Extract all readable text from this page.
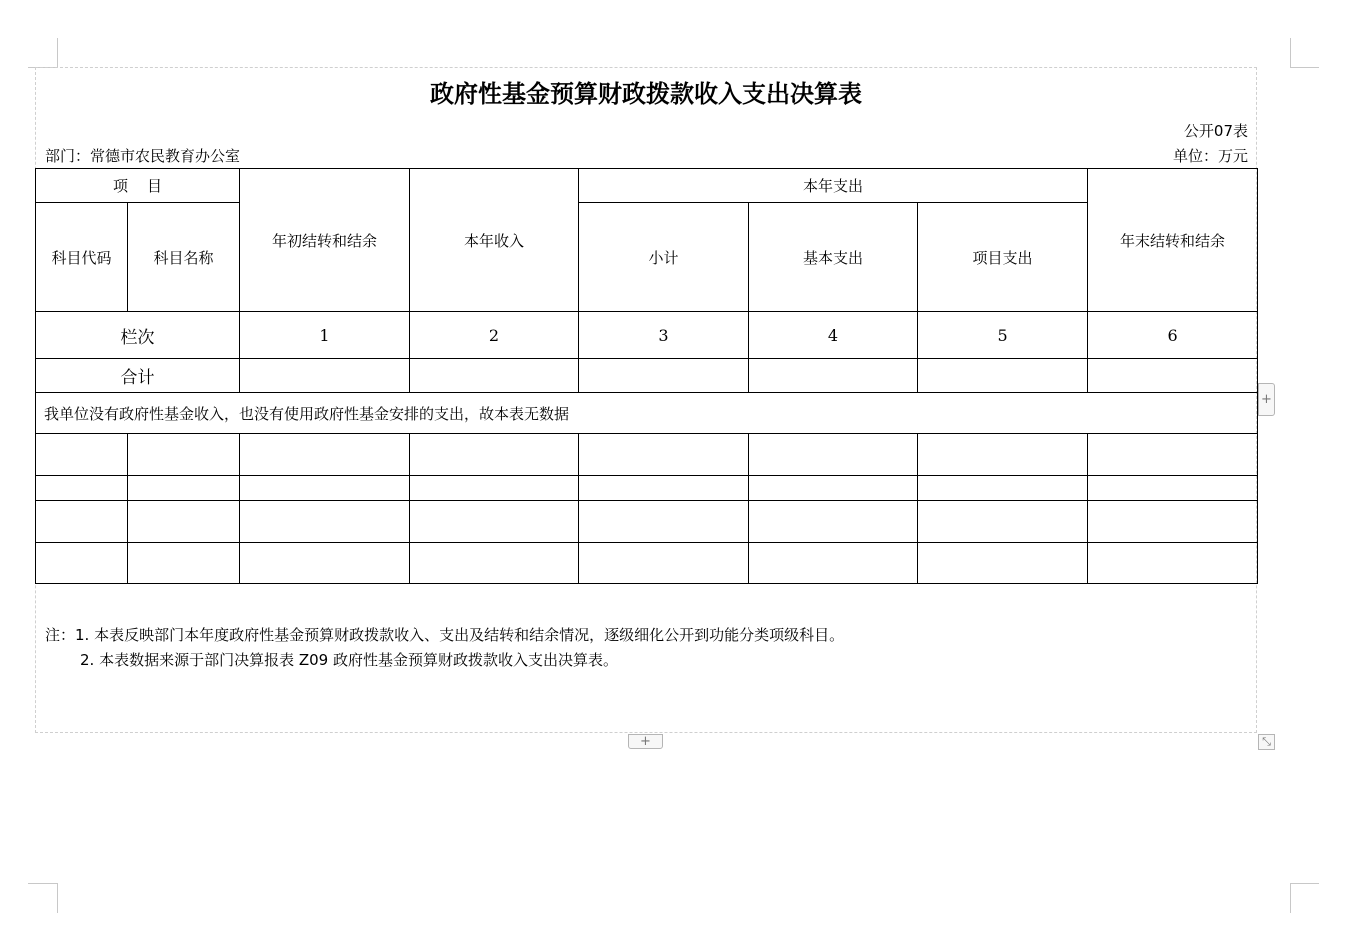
政府性基金预算财政拨款收入支出决算表
公开07表
部门：常德市农民教育办公室	单位：万元
项    目		年初结转和结余	本年收入	本年支出			年末结转和结余
科目代码	科目名称			小计	基本支出	项目支出	
栏次		1	2	3	4	5	6
合计							
我单位没有政府性基金收入，也没有使用政府性基金安排的支出，故本表无数据							

注：1. 本表反映部门本年度政府性基金预算财政拨款收入、支出及结转和结余情况，逐级细化公开到功能分类项级科目。
2. 本表数据来源于部门决算报表 Z09 政府性基金预算财政拨款收入支出决算表。
+
+	⤡
